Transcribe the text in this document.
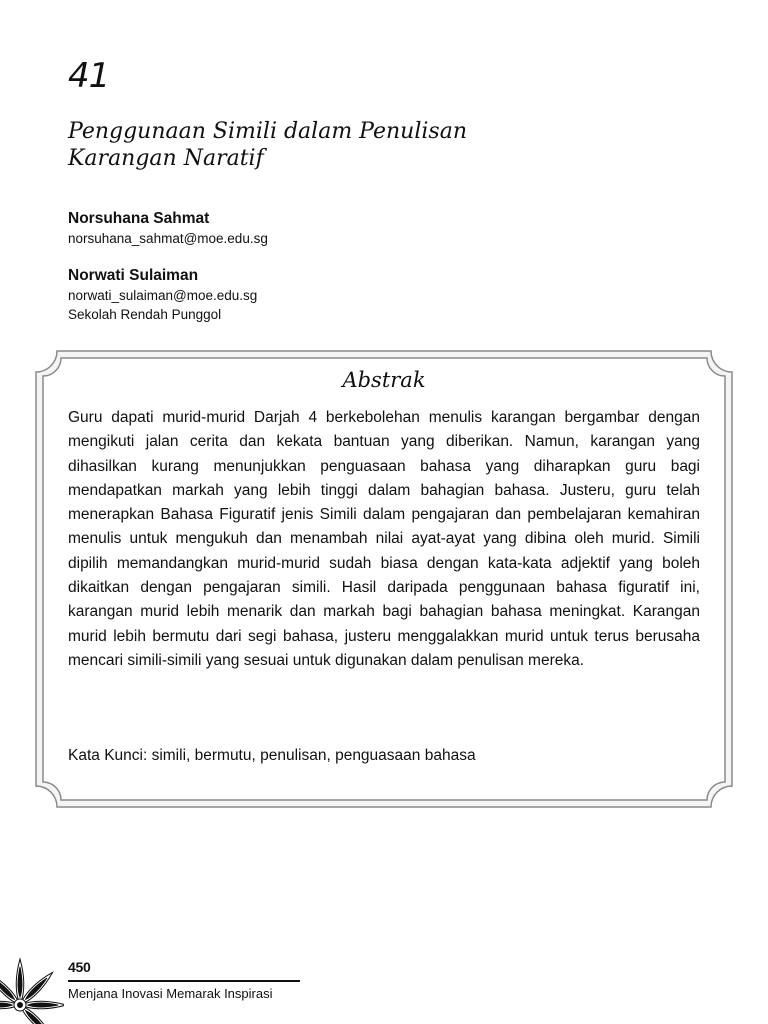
41
Penggunaan Simili dalam Penulisan
Karangan Naratif
Norsuhana Sahmat
norsuhana_sahmat@moe.edu.sg
Norwati Sulaiman
norwati_sulaiman@moe.edu.sg
Sekolah Rendah Punggol
Abstrak
Guru dapati murid-murid Darjah 4 berkebolehan menulis karangan bergambar dengan mengikuti jalan cerita dan kekata bantuan yang diberikan. Namun, karangan yang dihasilkan kurang menunjukkan penguasaan bahasa yang diharapkan guru bagi mendapatkan markah yang lebih tinggi dalam bahagian bahasa. Justeru, guru telah menerapkan Bahasa Figuratif jenis Simili dalam pengajaran dan pembelajaran kemahiran menulis untuk mengukuh dan menambah nilai ayat-ayat yang dibina oleh murid. Simili dipilih memandangkan murid-murid sudah biasa dengan kata-kata adjektif yang boleh dikaitkan dengan pengajaran simili. Hasil daripada penggunaan bahasa figuratif ini, karangan murid lebih menarik dan markah bagi bahagian bahasa meningkat. Karangan murid lebih bermutu dari segi bahasa, justeru menggalakkan murid untuk terus berusaha mencari simili-simili yang sesuai untuk digunakan dalam penulisan mereka.
Kata Kunci: simili, bermutu, penulisan, penguasaan bahasa
450
Menjana Inovasi Memarak Inspirasi
